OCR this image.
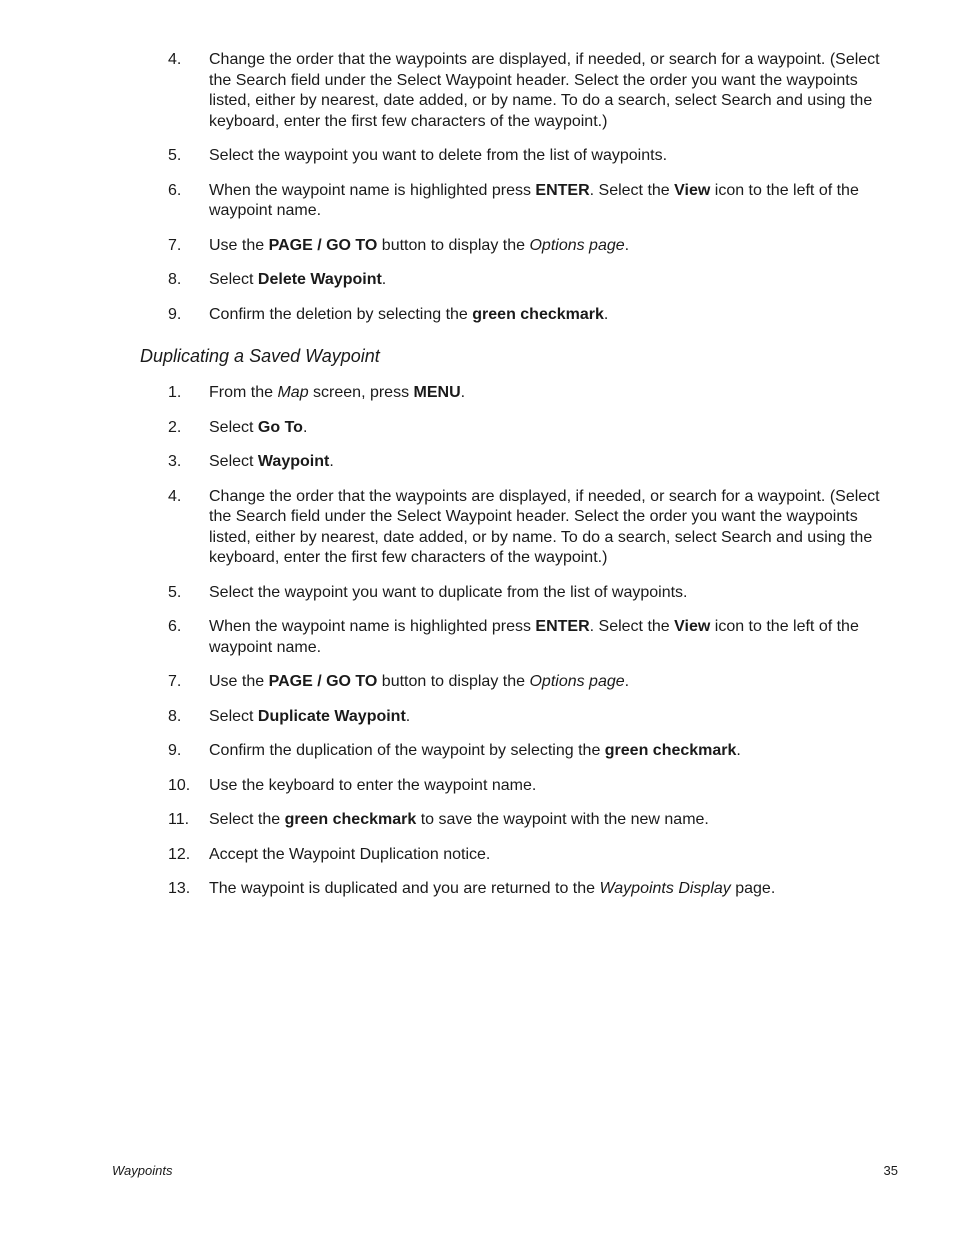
4.	Change the order that the waypoints are displayed, if needed, or search for a waypoint. (Select the Search field under the Select Waypoint header. Select the order you want the waypoints listed, either by nearest, date added, or by name. To do a search, select Search and using the keyboard, enter the first few characters of the waypoint.)
5.	Select the waypoint you want to delete from the list of waypoints.
6.	When the waypoint name is highlighted press ENTER. Select the View icon to the left of the waypoint name.
7.	Use the PAGE / GO TO button to display the Options page.
8.	Select Delete Waypoint.
9.	Confirm the deletion by selecting the green checkmark.
Duplicating a Saved Waypoint
1.	From the Map screen, press MENU.
2.	Select Go To.
3.	Select Waypoint.
4.	Change the order that the waypoints are displayed, if needed, or search for a waypoint. (Select the Search field under the Select Waypoint header. Select the order you want the waypoints listed, either by nearest, date added, or by name. To do a search, select Search and using the keyboard, enter the first few characters of the waypoint.)
5.	Select the waypoint you want to duplicate from the list of waypoints.
6.	When the waypoint name is highlighted press ENTER. Select the View icon to the left of the waypoint name.
7.	Use the PAGE / GO TO button to display the Options page.
8.	Select Duplicate Waypoint.
9.	Confirm the duplication of the waypoint by selecting the green checkmark.
10.	Use the keyboard to enter the waypoint name.
11.	Select the green checkmark to save the waypoint with the new name.
12.	Accept the Waypoint Duplication notice.
13.	The waypoint is duplicated and you are returned to the Waypoints Display page.
Waypoints	35
